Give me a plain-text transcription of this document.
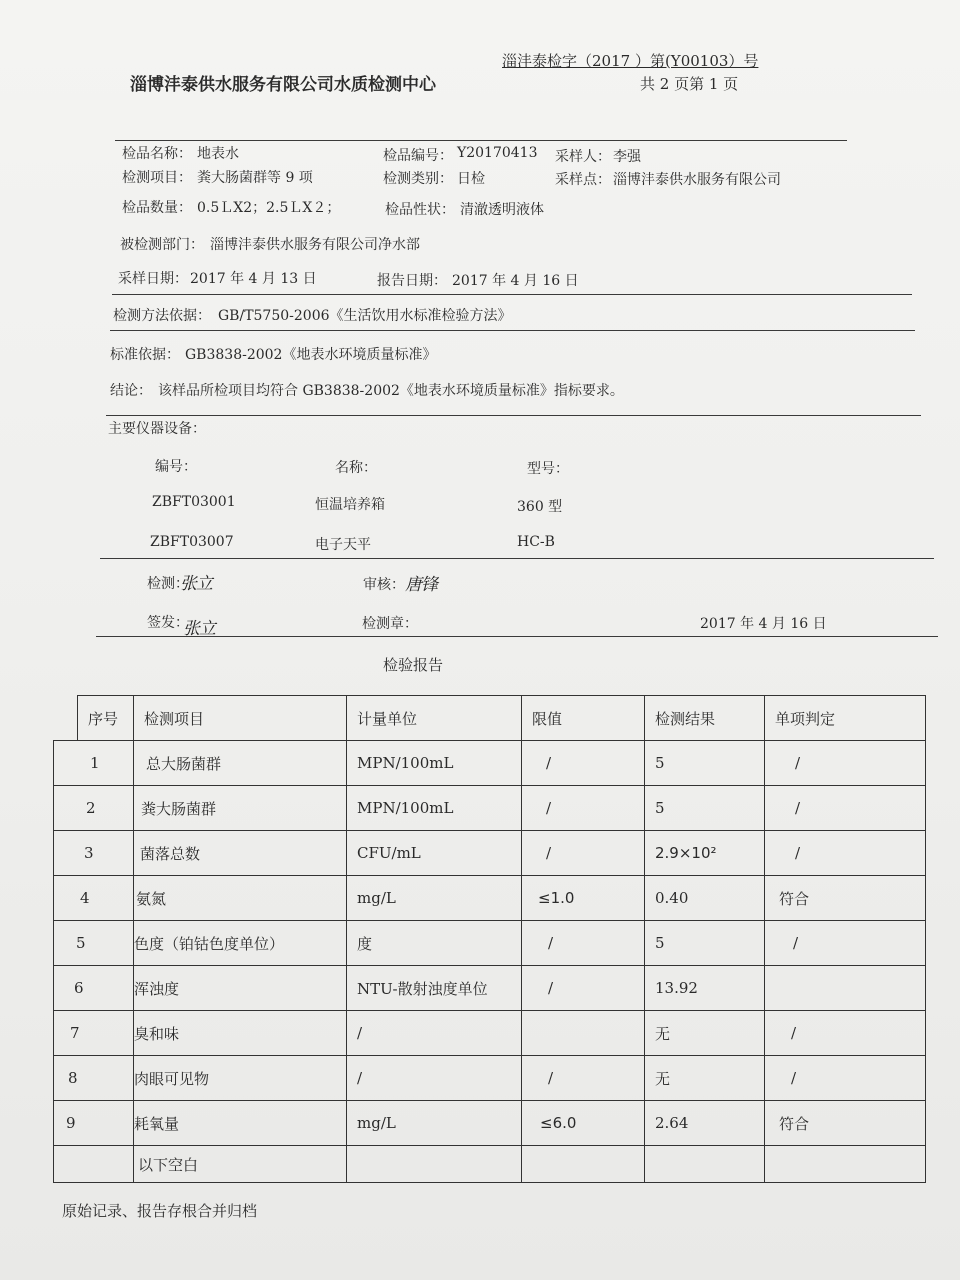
淄沣泰检字（2017 ）第(Y00103）号
淄博沣泰供水服务有限公司水质检测中心	共 2 页第 1 页
检品名称： 地表水	检品编号： Y20170413 采样人： 李强
检测项目： 粪大肠菌群等 9 项	检测类别： 日检	采样点： 淄博沣泰供水服务有限公司
检品数量： 0.5ＬX2；2.5ＬX２；	检品性状： 清澈透明液体
被检测部门： 淄博沣泰供水服务有限公司净水部
采样日期： 2017 年 4 月 13 日	报告日期： 2017 年 4 月 16 日
检测方法依据： GB/T5750-2006《生活饮用水标准检验方法》
标准依据： GB3838-2002《地表水环境质量标准》
结论： 该样品所检项目均符合 GB3838-2002《地表水环境质量标准》指标要求。
主要仪器设备：
编号：	名称：	型号：
ZBFT03001	恒温培养箱	360 型
ZBFT03007	电子天平	HC-B
检测：
张立	审核： 唐锋
签发：
张立	检测章：	2017 年 4 月 16 日
检验报告
	序号	检测项目	计量单位	限值	检测结果	单项判定
1		总大肠菌群	MPN/100mL	/	5	/
2		粪大肠菌群	MPN/100mL	/	5	/
3		菌落总数	CFU/mL	/	2.9×10²	/
4		氨氮	mg/L	≤1.0	0.40	符合
5		色度（铂钴色度单位）	度	/	5	/
6		浑浊度	NTU-散射浊度单位	/	13.92	
7		臭和味	/		无	/
8		肉眼可见物	/	/	无	/
9		耗氧量	mg/L	≤6.0	2.64	符合
		以下空白				
原始记录、报告存根合并归档
